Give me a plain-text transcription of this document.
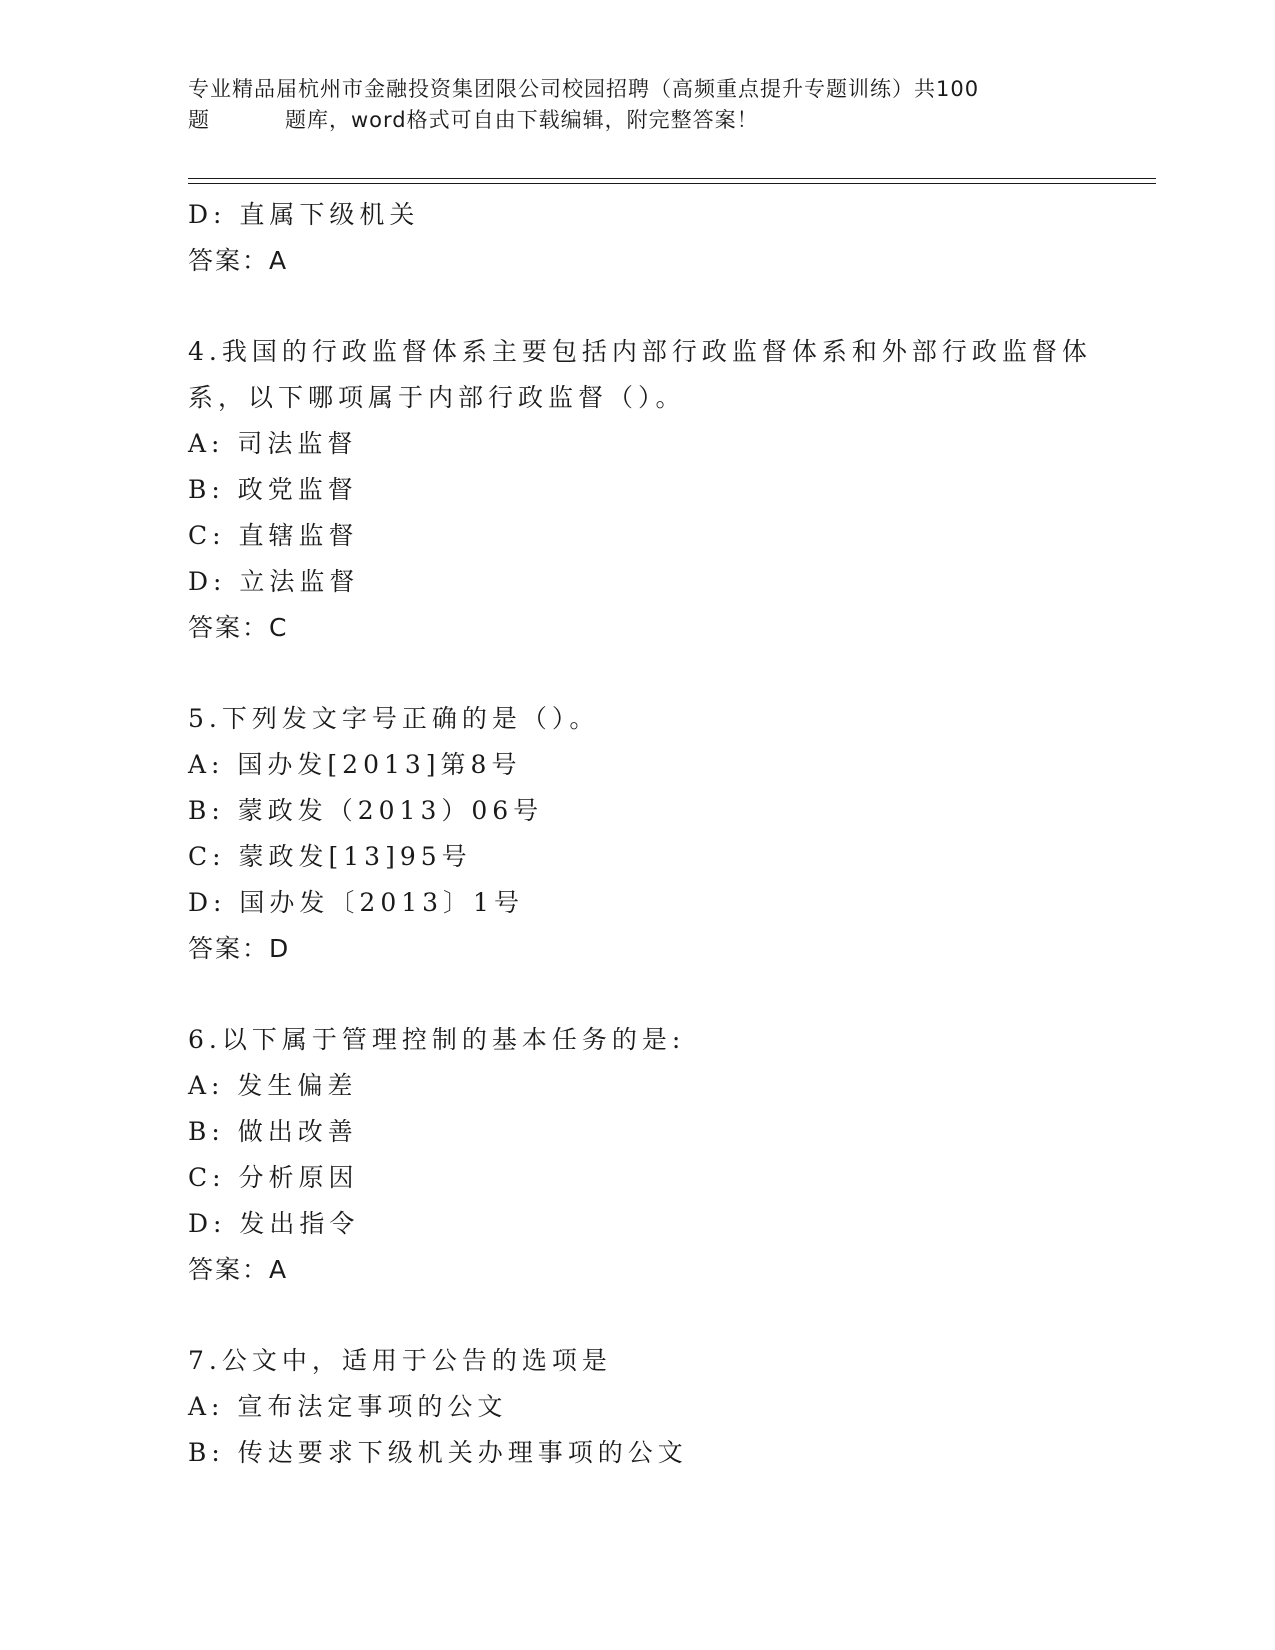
专业精品届杭州市金融投资集团限公司校园招聘（高频重点提升专题训练）共100
题	题库，word格式可自由下载编辑，附完整答案！
D: 直属下级机关
答案：A
4.我国的行政监督体系主要包括内部行政监督体系和外部行政监督体
系，以下哪项属于内部行政监督（）。
A: 司法监督
B: 政党监督
C: 直辖监督
D: 立法监督
答案：C
5.下列发文字号正确的是（）。
A: 国办发[2013]第8号
B: 蒙政发（2013）06号
C: 蒙政发[13]95号
D: 国办发〔2013〕1号
答案：D
6.以下属于管理控制的基本任务的是:
A: 发生偏差
B: 做出改善
C: 分析原因
D: 发出指令
答案：A
7.公文中，适用于公告的选项是
A: 宣布法定事项的公文
B: 传达要求下级机关办理事项的公文
